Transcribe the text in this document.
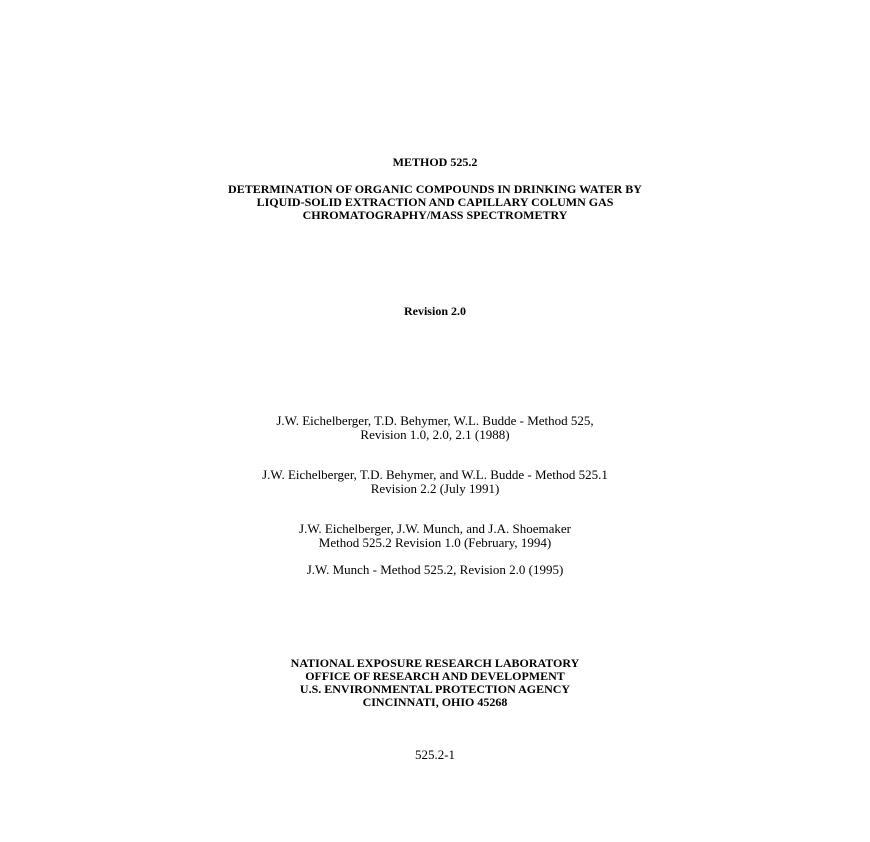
METHOD 525.2
DETERMINATION OF ORGANIC COMPOUNDS IN DRINKING WATER BY
LIQUID-SOLID EXTRACTION AND CAPILLARY COLUMN GAS
CHROMATOGRAPHY/MASS SPECTROMETRY
Revision 2.0
J.W. Eichelberger, T.D. Behymer, W.L. Budde - Method 525,
Revision 1.0, 2.0, 2.1 (1988)
J.W. Eichelberger, T.D. Behymer, and W.L. Budde - Method 525.1
Revision 2.2 (July 1991)
J.W. Eichelberger, J.W. Munch, and J.A. Shoemaker
Method 525.2 Revision 1.0 (February, 1994)
J.W. Munch - Method 525.2, Revision 2.0 (1995)
NATIONAL EXPOSURE RESEARCH LABORATORY
OFFICE OF RESEARCH AND DEVELOPMENT
U.S. ENVIRONMENTAL PROTECTION AGENCY
CINCINNATI, OHIO 45268
525.2-1
